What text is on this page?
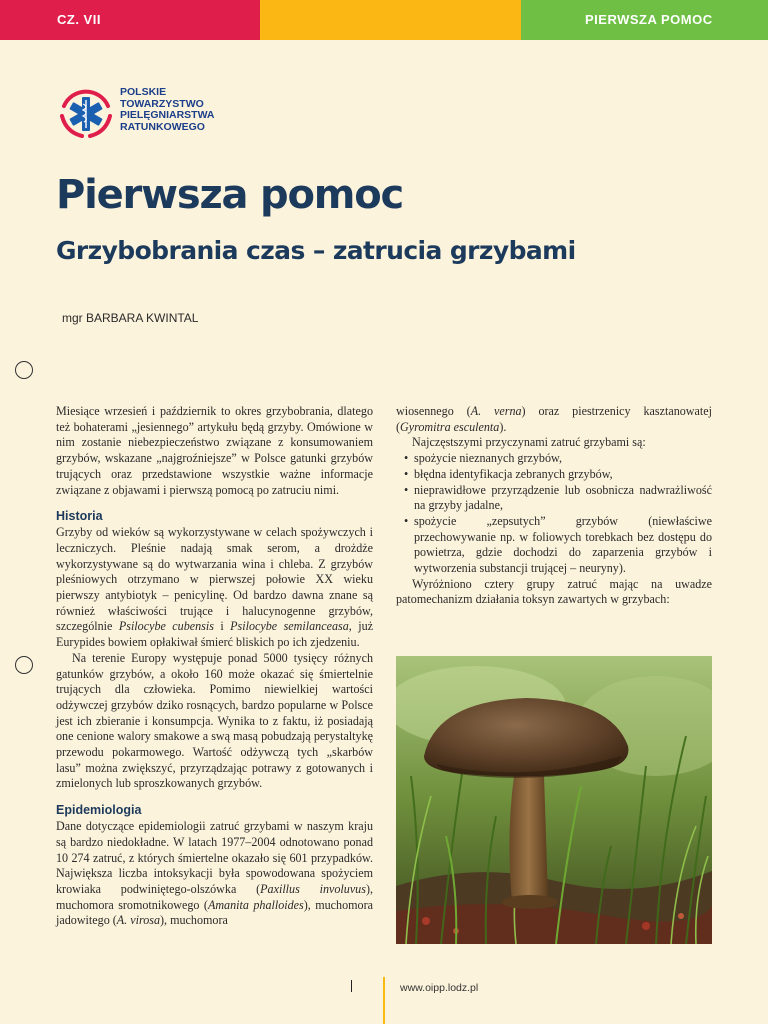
CZ. VII	PIERWSZA POMOC
POLSKIE
TOWARZYSTWO
PIELĘGNIARSTWA
RATUNKOWEGO
Pierwsza pomoc
Grzybobrania czas – zatrucia grzybami
mgr BARBARA KWINTAL

Miesiące wrzesień i październik to okres grzybobrania, dlatego też bohaterami „jesiennego” artykułu będą grzyby. Omówione w nim zostanie niebezpieczeństwo związane z konsumowaniem grzybów, wskazane „najgroźniejsze” w Polsce gatunki grzybów trujących oraz przedstawione wszystkie ważne informacje związane z objawami i pierwszą pomocą po zatruciu nimi.

Historia

Grzyby od wieków są wykorzystywane w celach spożywczych i leczniczych. Pleśnie nadają smak serom, a drożdże wykorzystywane są do wytwarzania wina i chleba. Z grzybów pleśniowych otrzymano w pierwszej połowie XX wieku pierwszy antybiotyk – penicylinę. Od bardzo dawna znane są również właściwości trujące i halucynogenne grzybów, szczególnie Psilocybe cubensis i Psilocybe semilanceasa, już Eurypides bowiem opłakiwał śmierć bliskich po ich zjedzeniu.

Na terenie Europy występuje ponad 5000 tysięcy różnych gatunków grzybów, a około 160 może okazać się śmiertelnie trujących dla człowieka. Pomimo niewielkiej wartości odżywczej grzybów dziko rosnących, bardzo popularne w Polsce jest ich zbieranie i konsumpcja. Wynika to z faktu, iż posiadają one cenione walory smakowe a swą masą pobudzają perystaltykę przewodu pokarmowego. Wartość odżywczą tych „skarbów lasu” można zwiększyć, przyrządzając potrawy z gotowanych i zmielonych lub sproszkowanych grzybów.

Epidemiologia

Dane dotyczące epidemiologii zatruć grzybami w naszym kraju są bardzo niedokładne. W latach 1977–2004 odnotowano ponad 10 274 zatruć, z których śmiertelne okazało się 601 przypadków. Największa liczba intoksykacji była spowodowana spożyciem krowiaka podwiniętego-olszówka (Paxillus involuvus), muchomora sromotnikowego (Amanita phalloides), muchomora jadowitego (A. virosa), muchomora

wiosennego (A. verna) oraz piestrzenicy kasztanowatej (Gyromitra esculenta).

Najczęstszymi przyczynami zatruć grzybami są:

• spożycie nieznanych grzybów,
• błędna identyfikacja zebranych grzybów,
• nieprawidłowe przyrządzenie lub osobnicza nadwrażliwość na grzyby jadalne,
• spożycie „zepsutych” grzybów (niewłaściwe przechowywanie np. w foliowych torebkach bez dostępu do powietrza, gdzie dochodzi do zaparzenia grzybów i wytworzenia substancji trującej – neuryny).

Wyróżniono cztery grupy zatruć mając na uwadze patomechanizm działania toksyn zawartych w grzybach:

www.oipp.lodz.pl
